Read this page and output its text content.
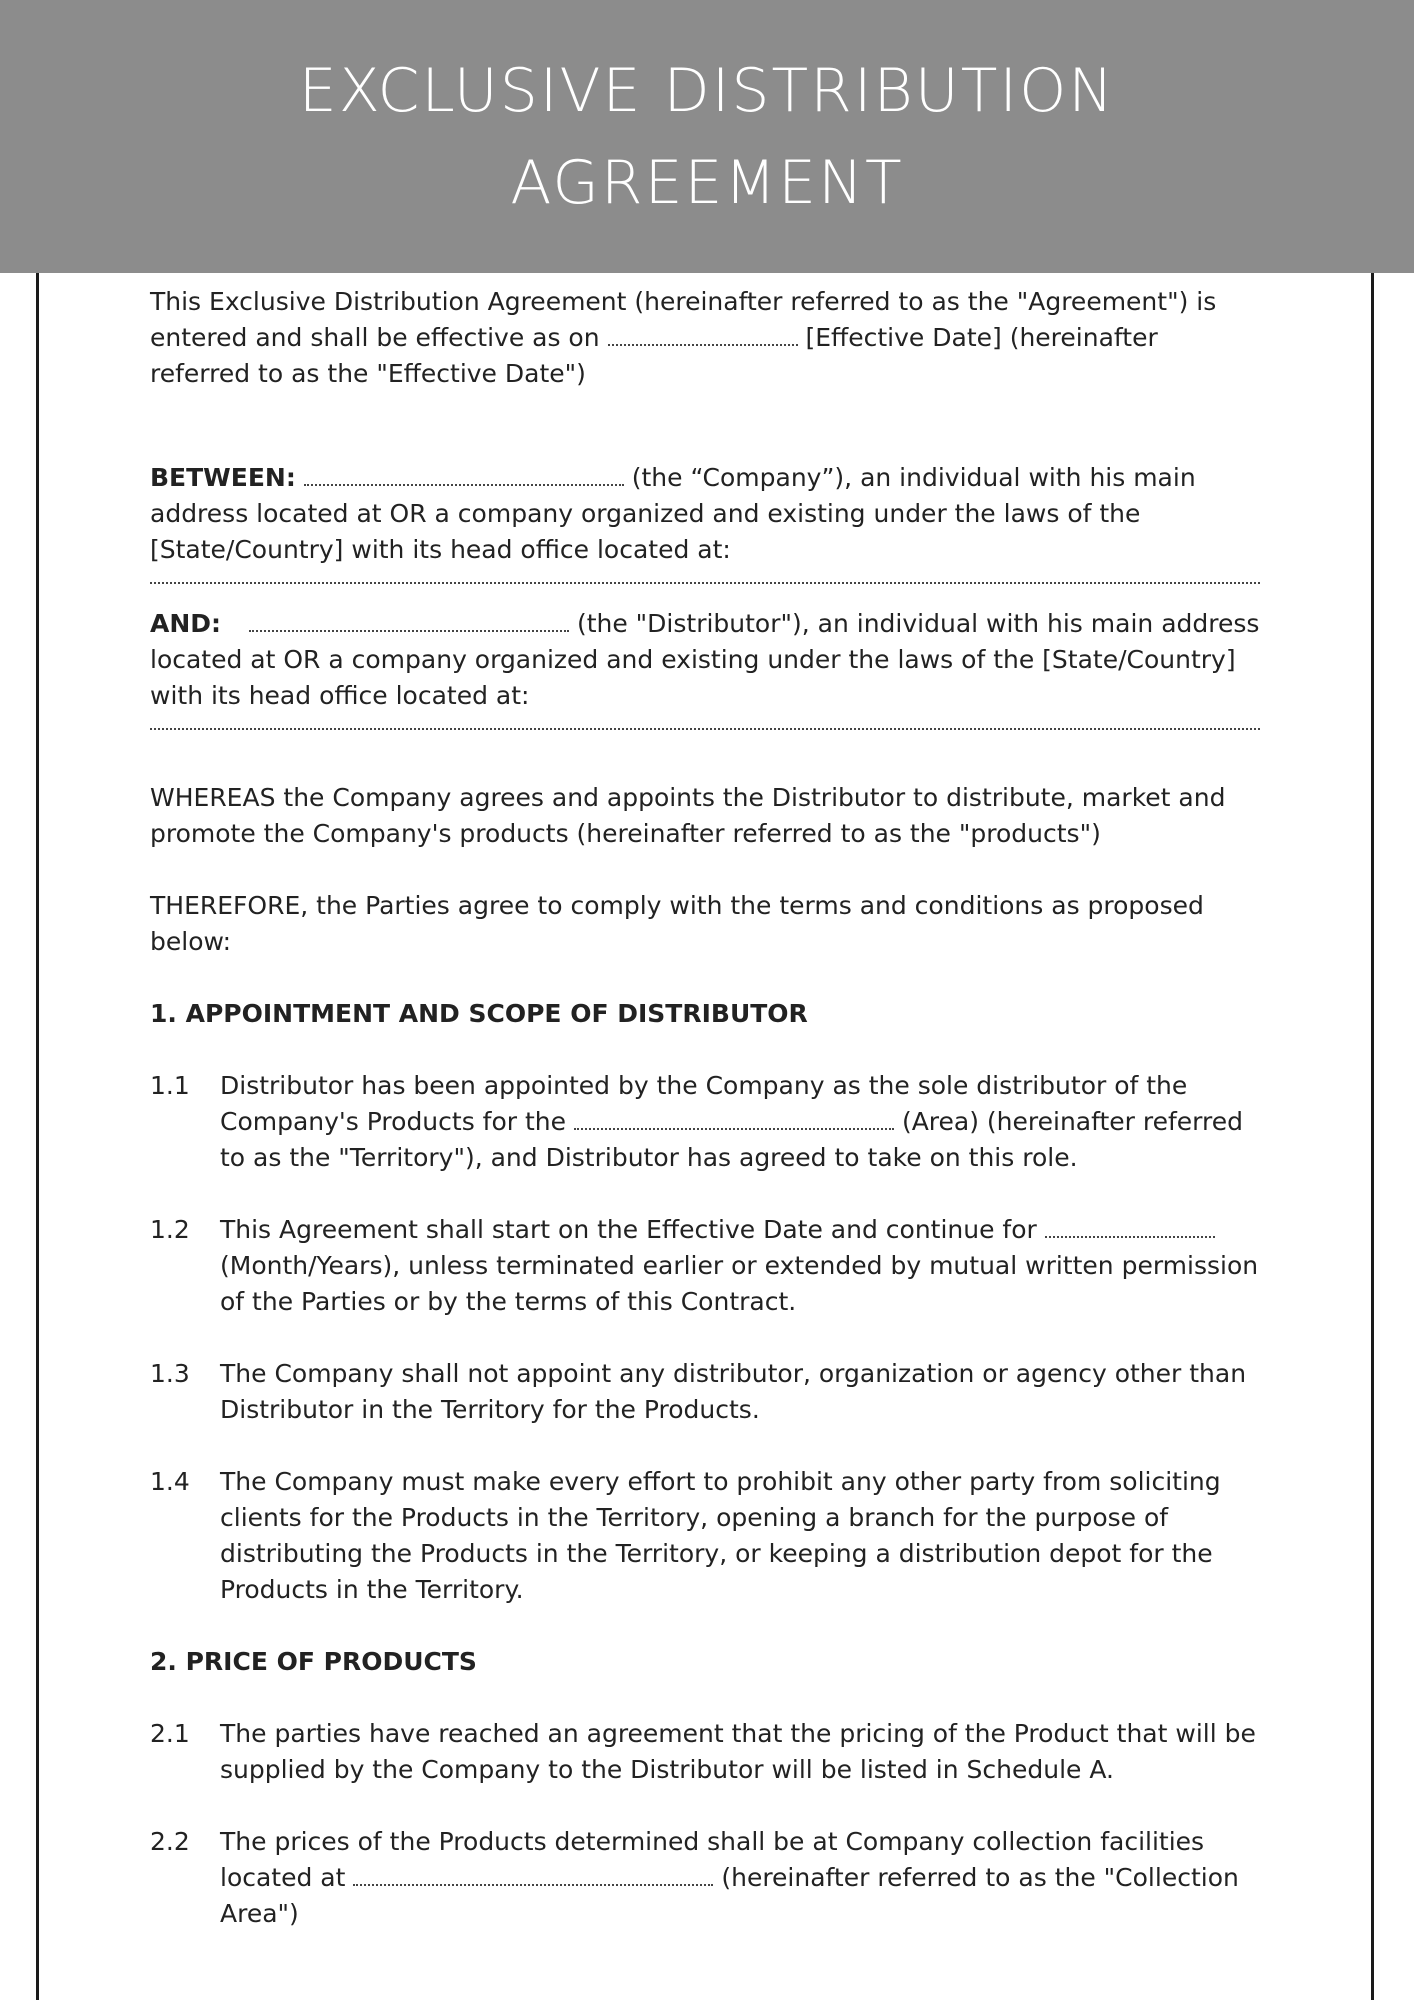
EXCLUSIVE DISTRIBUTION
AGREEMENT

This Exclusive Distribution Agreement (hereinafter referred to as the "Agreement") is entered and shall be effective as on	[Effective Date] (hereinafter referred to as the "Effective Date")

BETWEEN:	(the “Company”), an individual with his main address located at OR a company organized and existing under the laws of the [State/Country] with its head office located at:

AND:	(the "Distributor"), an individual with his main address located at OR a company organized and existing under the laws of the [State/Country] with its head office located at:

WHEREAS the Company agrees and appoints the Distributor to distribute, market and promote the Company's products (hereinafter referred to as the "products")

THEREFORE, the Parties agree to comply with the terms and conditions as proposed below:

1. APPOINTMENT AND SCOPE OF DISTRIBUTOR
1.1	Distributor has been appointed by the Company as the sole distributor of the Company's Products for the	(Area) (hereinafter referred to as the "Territory"), and Distributor has agreed to take on this role.
1.2	This Agreement shall start on the Effective Date and continue for  (Month/Years), unless terminated earlier or extended by mutual written permission of the Parties or by the terms of this Contract.
1.3	The Company shall not appoint any distributor, organization or agency other than Distributor in the Territory for the Products.
1.4	The Company must make every effort to prohibit any other party from soliciting clients for the Products in the Territory, opening a branch for the purpose of distributing the Products in the Territory, or keeping a distribution depot for the Products in the Territory.
2. PRICE OF PRODUCTS
2.1	The parties have reached an agreement that the pricing of the Product that will be supplied by the Company to the Distributor will be listed in Schedule A.
2.2	The prices of the Products determined shall be at Company collection facilities located at	(hereinafter referred to as the "Collection Area")
